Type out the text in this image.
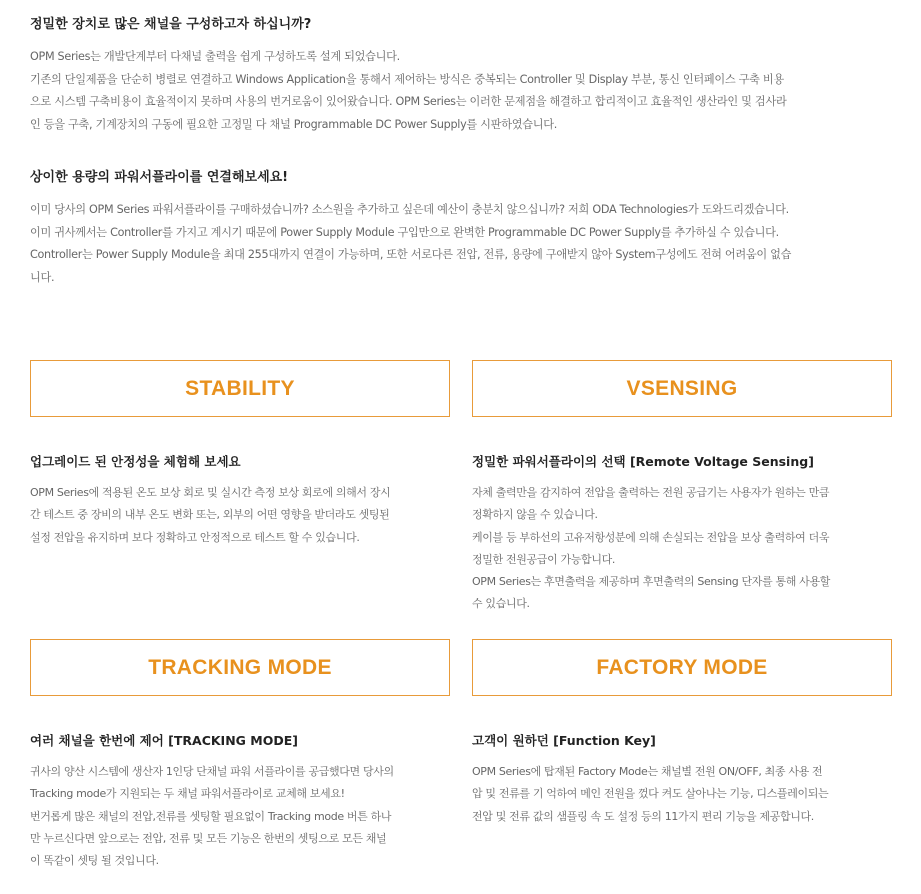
정밀한 장치로 많은 채널을 구성하고자 하십니까?

OPM Series는 개발단계부터 다채널 출력을 쉽게 구성하도록 설계 되었습니다.

기존의 단일제품을 단순히 병렬로 연결하고 Windows Application을 통해서 제어하는 방식은 중복되는 Controller 및 Display 부분, 통신 인터페이스 구축 비용

으로 시스템 구축비용이 효율적이지 못하며 사용의 번거로움이 있어왔습니다. OPM Series는 이러한 문제점을 해결하고 합리적이고 효율적인 생산라인 및 검사라

인 등을 구축, 기계장치의 구동에 필요한 고정밀 다 채널 Programmable DC Power Supply를 시판하였습니다.

상이한 용량의 파워서플라이를 연결해보세요!

이미 당사의 OPM Series 파워서플라이를 구매하셨습니까? 소스원을 추가하고 싶은데 예산이 충분치 않으십니까? 저희 ODA Technologies가 도와드리겠습니다.

이미 귀사께서는 Controller를 가지고 계시기 때문에 Power Supply Module 구입만으로 완벽한 Programmable DC Power Supply를 추가하실 수 있습니다.

Controller는 Power Supply Module을 최대 255대까지 연결이 가능하며, 또한 서로다른 전압, 전류, 용량에 구애받지 않아 System구성에도 전혀 어려움이 없습

니다.

STABILITY
업그레이드 된 안정성을 체험해 보세요

OPM Series에 적용된 온도 보상 회로 및 실시간 측정 보상 회로에 의해서 장시

간 테스트 중 장비의 내부 온도 변화 또는, 외부의 어떤 영향을 받더라도 셋팅된

설정 전압을 유지하며 보다 정확하고 안정적으로 테스트 할 수 있습니다.

VSENSING
정밀한 파워서플라이의 선택 [Remote Voltage Sensing]

자체 출력만을 감지하여 전압을 출력하는 전원 공급기는 사용자가 원하는 만큼

정확하지 않을 수 있습니다.

케이블 등 부하선의 고유저항성분에 의해 손실되는 전압을 보상 출력하여 더욱

정밀한 전원공급이 가능합니다.

OPM Series는 후면출력을 제공하며 후면출력의 Sensing 단자를 통해 사용할

수 있습니다.

TRACKING MODE
여러 채널을 한번에 제어 [TRACKING MODE]

귀사의 양산 시스템에 생산자 1인당 단채널 파워 서플라이를 공급했다면 당사의

Tracking mode가 지원되는 두 채널 파워서플라이로 교체해 보세요!

번거롭게 많은 채널의 전압,전류를 셋팅할 필요없이 Tracking mode 버튼 하나

만 누르신다면 앞으로는 전압, 전류 및 모든 기능은 한번의 셋팅으로 모든 채널

이 똑같이 셋팅 될 것입니다.

FACTORY MODE
고객이 원하던 [Function Key]

OPM Series에 탑재된 Factory Mode는 채널별 전원 ON/OFF, 최종 사용 전

압 및 전류를 기 억하여 메인 전원을 껐다 켜도 살아나는 기능, 디스플레이되는

전압 및 전류 값의 샘플링 속 도 설정 등의 11가지 편리 기능을 제공합니다.
